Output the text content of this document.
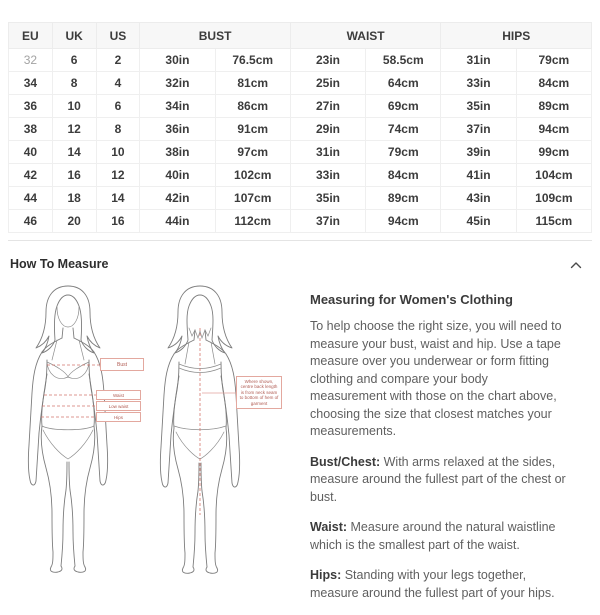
EU	UK	US	BUST		WAIST		HIPS	
32	6	2	30in	76.5cm	23in	58.5cm	31in	79cm
34	8	4	32in	81cm	25in	64cm	33in	84cm
36	10	6	34in	86cm	27in	69cm	35in	89cm
38	12	8	36in	91cm	29in	74cm	37in	94cm
40	14	10	38in	97cm	31in	79cm	39in	99cm
42	16	12	40in	102cm	33in	84cm	41in	104cm
44	18	14	42in	107cm	35in	89cm	43in	109cm
46	20	16	44in	112cm	37in	94cm	45in	115cm
How To Measure
Bust
Waist
Low waist
Hips
Where shown, centre back length is from neck seam to bottom of hem of garment
Measuring for Women's Clothing

To help choose the right size, you will need to measure your bust, waist and hip. Use a tape measure over you underwear or form fitting clothing and compare your body measurement with those on the chart above, choosing the size that closest matches your measurements.

Bust/Chest: With arms relaxed at the sides, measure around the fullest part of the chest or bust.

Waist: Measure around the natural waistline which is the smallest part of the waist.

Hips: Standing with your legs together, measure around the fullest part of your hips.
